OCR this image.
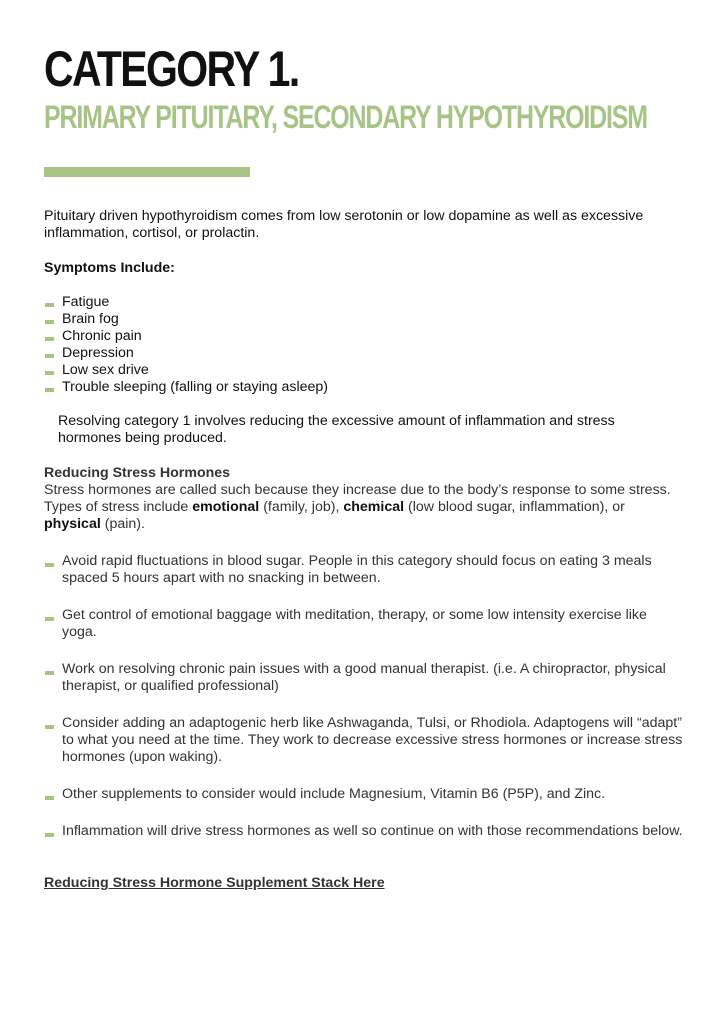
CATEGORY 1.
PRIMARY PITUITARY, SECONDARY HYPOTHYROIDISM

Pituitary driven hypothyroidism comes from low serotonin or low dopamine as well as excessive inflammation, cortisol, or prolactin.

Symptoms Include:
Fatigue
Brain fog
Chronic pain
Depression
Low sex drive
Trouble sleeping (falling or staying asleep)

Resolving category 1 involves reducing the excessive amount of inflammation and stress hormones being produced.

Reducing Stress Hormones

Stress hormones are called such because they increase due to the body’s response to some stress. Types of stress include emotional (family, job), chemical (low blood sugar, inflammation), or physical (pain).

Avoid rapid fluctuations in blood sugar. People in this category should focus on eating 3 meals spaced 5 hours apart with no snacking in between.
Get control of emotional baggage with meditation, therapy, or some low intensity exercise like yoga.
Work on resolving chronic pain issues with a good manual therapist. (i.e. A chiropractor, physical therapist, or qualified professional)
Consider adding an adaptogenic herb like Ashwaganda, Tulsi, or Rhodiola. Adaptogens will “adapt” to what you need at the time. They work to decrease excessive stress hormones or increase stress hormones (upon waking).
Other supplements to consider would include Magnesium, Vitamin B6 (P5P), and Zinc.
Inflammation will drive stress hormones as well so continue on with those recommendations below.
Reducing Stress Hormone Supplement Stack Here
